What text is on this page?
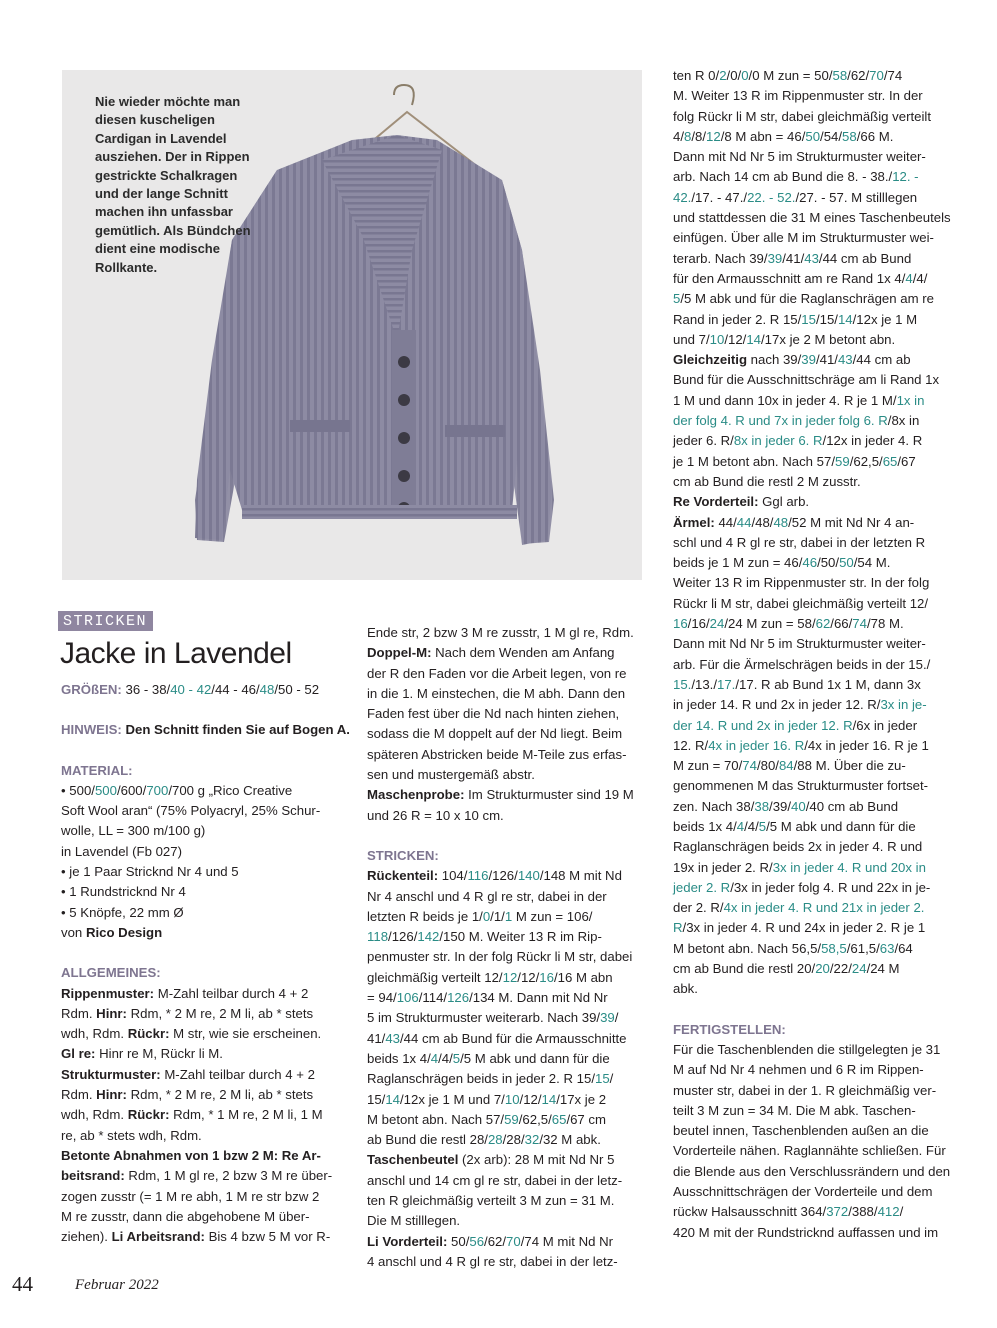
Nie wieder möchte man
diesen kuscheligen
Cardigan in Lavendel
ausziehen. Der in Rippen
gestrickte Schalkragen
und der lange Schnitt
machen ihn unfassbar
gemütlich. Als Bündchen
dient eine modische
Rollkante.
STRICKEN
Jacke in Lavendel
GRÖßEN: 36 - 38/40 - 42/44 - 46/48/50 - 52
HINWEIS: Den Schnitt finden Sie auf Bogen A.
MATERIAL:
• 500/500/600/700/700 g „Rico Creative
Soft Wool aran“ (75% Polyacryl, 25% Schur-
wolle, LL = 300 m/100 g)
in Lavendel (Fb 027)
• je 1 Paar Stricknd Nr 4 und 5
• 1 Rundstricknd Nr 4
• 5 Knöpfe, 22 mm Ø
von Rico Design
ALLGEMEINES:
Rippenmuster: M-Zahl teilbar durch 4 + 2
Rdm. Hinr: Rdm, * 2 M re, 2 M li, ab * stets
wdh, Rdm. Rückr: M str, wie sie erscheinen.
Gl re: Hinr re M, Rückr li M.
Strukturmuster: M-Zahl teilbar durch 4 + 2
Rdm. Hinr: Rdm, * 2 M re, 2 M li, ab * stets
wdh, Rdm. Rückr: Rdm, * 1 M re, 2 M li, 1 M
re, ab * stets wdh, Rdm.
Betonte Abnahmen von 1 bzw 2 M: Re Ar-
beitsrand: Rdm, 1 M gl re, 2 bzw 3 M re über-
zogen zusstr (= 1 M re abh, 1 M re str bzw 2
M re zusstr, dann die abgehobene M über-
ziehen). Li Arbeitsrand: Bis 4 bzw 5 M vor R-
Ende str, 2 bzw 3 M re zusstr, 1 M gl re, Rdm.
Doppel-M: Nach dem Wenden am Anfang
der R den Faden vor die Arbeit legen, von re
in die 1. M einstechen, die M abh. Dann den
Faden fest über die Nd nach hinten ziehen,
sodass die M doppelt auf der Nd liegt. Beim
späteren Abstricken beide M-Teile zus erfas-
sen und mustergemäß abstr.
Maschenprobe: Im Strukturmuster sind 19 M
und 26 R = 10 x 10 cm.
STRICKEN:
Rückenteil: 104/116/126/140/148 M mit Nd
Nr 4 anschl und 4 R gl re str, dabei in der
letzten R beids je 1/0/1/1 M zun = 106/
118/126/142/150 M. Weiter 13 R im Rip-
penmuster str. In der folg Rückr li M str, dabei
gleichmäßig verteilt 12/12/12/16/16 M abn
= 94/106/114/126/134 M. Dann mit Nd Nr
5 im Strukturmuster weiterarb. Nach 39/39/
41/43/44 cm ab Bund für die Armausschnitte
beids 1x 4/4/4/5/5 M abk und dann für die
Raglanschrägen beids in jeder 2. R 15/15/
15/14/12x je 1 M und 7/10/12/14/17x je 2
M betont abn. Nach 57/59/62,5/65/67 cm
ab Bund die restl 28/28/28/32/32 M abk.
Taschenbeutel (2x arb): 28 M mit Nd Nr 5
anschl und 14 cm gl re str, dabei in der letz-
ten R gleichmäßig verteilt 3 M zun = 31 M.
Die M stilllegen.
Li Vorderteil: 50/56/62/70/74 M mit Nd Nr
4 anschl und 4 R gl re str, dabei in der letz-
ten R 0/2/0/0/0 M zun = 50/58/62/70/74
M. Weiter 13 R im Rippenmuster str. In der
folg Rückr li M str, dabei gleichmäßig verteilt
4/8/8/12/8 M abn = 46/50/54/58/66 M.
Dann mit Nd Nr 5 im Strukturmuster weiter-
arb. Nach 14 cm ab Bund die 8. - 38./12. -
42./17. - 47./22. - 52./27. - 57. M stilllegen
und stattdessen die 31 M eines Taschenbeutels
einfügen. Über alle M im Strukturmuster wei-
terarb. Nach 39/39/41/43/44 cm ab Bund
für den Armausschnitt am re Rand 1x 4/4/4/
5/5 M abk und für die Raglanschrägen am re
Rand in jeder 2. R 15/15/15/14/12x je 1 M
und 7/10/12/14/17x je 2 M betont abn.
Gleichzeitig nach 39/39/41/43/44 cm ab
Bund für die Ausschnittschräge am li Rand 1x
1 M und dann 10x in jeder 4. R je 1 M/1x in
der folg 4. R und 7x in jeder folg 6. R/8x in
jeder 6. R/8x in jeder 6. R/12x in jeder 4. R
je 1 M betont abn. Nach 57/59/62,5/65/67
cm ab Bund die restl 2 M zusstr.
Re Vorderteil: Ggl arb.
Ärmel: 44/44/48/48/52 M mit Nd Nr 4 an-
schl und 4 R gl re str, dabei in der letzten R
beids je 1 M zun = 46/46/50/50/54 M.
Weiter 13 R im Rippenmuster str. In der folg
Rückr li M str, dabei gleichmäßig verteilt 12/
16/16/24/24 M zun = 58/62/66/74/78 M.
Dann mit Nd Nr 5 im Strukturmuster weiter-
arb. Für die Ärmelschrägen beids in der 15./
15./13./17./17. R ab Bund 1x 1 M, dann 3x
in jeder 14. R und 2x in jeder 12. R/3x in je-
der 14. R und 2x in jeder 12. R/6x in jeder
12. R/4x in jeder 16. R/4x in jeder 16. R je 1
M zun = 70/74/80/84/88 M. Über die zu-
genommenen M das Strukturmuster fortset-
zen. Nach 38/38/39/40/40 cm ab Bund
beids 1x 4/4/4/5/5 M abk und dann für die
Raglanschrägen beids 2x in jeder 4. R und
19x in jeder 2. R/3x in jeder 4. R und 20x in
jeder 2. R/3x in jeder folg 4. R und 22x in je-
der 2. R/4x in jeder 4. R und 21x in jeder 2.
R/3x in jeder 4. R und 24x in jeder 2. R je 1
M betont abn. Nach 56,5/58,5/61,5/63/64
cm ab Bund die restl 20/20/22/24/24 M
abk.
FERTIGSTELLEN:
Für die Taschenblenden die stillgelegten je 31
M auf Nd Nr 4 nehmen und 6 R im Rippen-
muster str, dabei in der 1. R gleichmäßig ver-
teilt 3 M zun = 34 M. Die M abk. Taschen-
beutel innen, Taschenblenden außen an die
Vorderteile nähen. Raglannähte schließen. Für
die Blende aus den Verschlussrändern und den
Ausschnittschrägen der Vorderteile und dem
rückw Halsausschnitt 364/372/388/412/
420 M mit der Rundstricknd auffassen und im
44	Februar 2022
